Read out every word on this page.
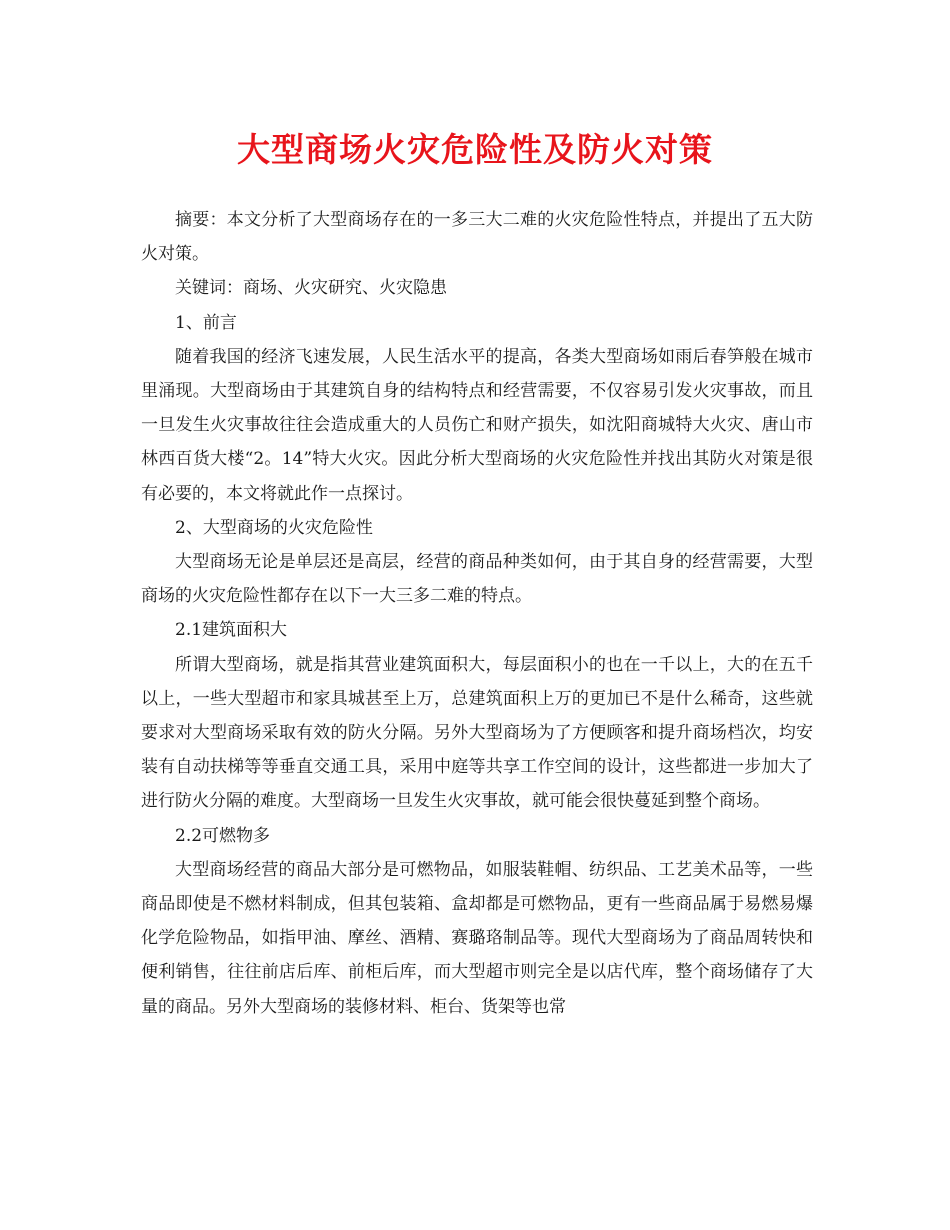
大型商场火灾危险性及防火对策

摘要：本文分析了大型商场存在的一多三大二难的火灾危险性特点，并提出了五大防火对策。

关键词：商场、火灾研究、火灾隐患

1、前言

随着我国的经济飞速发展，人民生活水平的提高，各类大型商场如雨后春笋般在城市里涌现。大型商场由于其建筑自身的结构特点和经营需要，不仅容易引发火灾事故，而且一旦发生火灾事故往往会造成重大的人员伤亡和财产损失，如沈阳商城特大火灾、唐山市林西百货大楼“2。14”特大火灾。因此分析大型商场的火灾危险性并找出其防火对策是很有必要的，本文将就此作一点探讨。

2、大型商场的火灾危险性

大型商场无论是单层还是高层，经营的商品种类如何，由于其自身的经营需要，大型商场的火灾危险性都存在以下一大三多二难的特点。

2.1建筑面积大

所谓大型商场，就是指其营业建筑面积大，每层面积小的也在一千以上，大的在五千以上，一些大型超市和家具城甚至上万，总建筑面积上万的更加已不是什么稀奇，这些就要求对大型商场采取有效的防火分隔。另外大型商场为了方便顾客和提升商场档次，均安装有自动扶梯等等垂直交通工具，采用中庭等共享工作空间的设计，这些都进一步加大了进行防火分隔的难度。大型商场一旦发生火灾事故，就可能会很快蔓延到整个商场。

2.2可燃物多

大型商场经营的商品大部分是可燃物品，如服装鞋帽、纺织品、工艺美术品等，一些商品即使是不燃材料制成，但其包装箱、盒却都是可燃物品，更有一些商品属于易燃易爆化学危险物品，如指甲油、摩丝、酒精、赛璐珞制品等。现代大型商场为了商品周转快和便利销售，往往前店后库、前柜后库，而大型超市则完全是以店代库，整个商场储存了大量的商品。另外大型商场的装修材料、柜台、货架等也常
